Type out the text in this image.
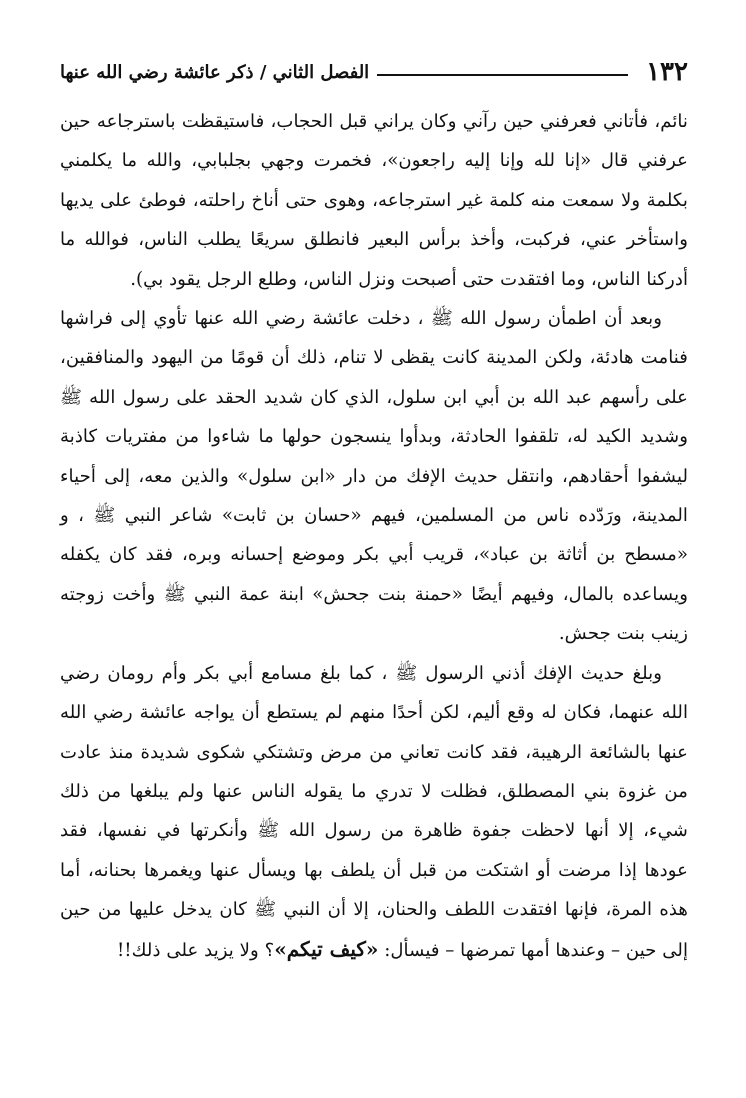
١٣٢
الفصل الثاني / ذكر عائشة رضي الله عنها

نائم، فأتاني فعرفني حين رآني وكان يراني قبل الحجاب، فاستيقظت باسترجاعه حين عرفني قال «إنا لله وإنا إليه راجعون»، فخمرت وجهي بجلبابي، والله ما يكلمني بكلمة ولا سمعت منه كلمة غير استرجاعه، وهوى حتى أناخ راحلته، فوطئ على يديها واستأخر عني، فركبت، وأخذ برأس البعير فانطلق سريعًا يطلب الناس، فوالله ما أدركنا الناس، وما افتقدت حتى أصبحت ونزل الناس، وطلع الرجل يقود بي).

وبعد أن اطمأن رسول الله ﷺ ، دخلت عائشة رضي الله عنها تأوي إلى فراشها فنامت هادئة، ولكن المدينة كانت يقظى لا تنام، ذلك أن قومًا من اليهود والمنافقين، على رأسهم عبد الله بن أبي ابن سلول، الذي كان شديد الحقد على رسول الله ﷺ وشديد الكيد له، تلقفوا الحادثة، وبدأوا ينسجون حولها ما شاءوا من مفتريات كاذبة ليشفوا أحقادهم، وانتقل حديث الإفك من دار «ابن سلول» والذين معه، إلى أحياء المدينة، ورَدّده ناس من المسلمين، فيهم «حسان بن ثابت» شاعر النبي ﷺ ، و «مسطح بن أثاثة بن عباد»، قريب أبي بكر وموضع إحسانه وبره، فقد كان يكفله ويساعده بالمال، وفيهم أيضًا «حمنة بنت جحش» ابنة عمة النبي ﷺ وأخت زوجته زينب بنت جحش.

وبلغ حديث الإفك أذني الرسول ﷺ ، كما بلغ مسامع أبي بكر وأم رومان رضي الله عنهما، فكان له وقع أليم، لكن أحدًا منهم لم يستطع أن يواجه عائشة رضي الله عنها بالشائعة الرهيبة، فقد كانت تعاني من مرض وتشتكي شكوى شديدة منذ عادت من غزوة بني المصطلق، فظلت لا تدري ما يقوله الناس عنها ولم يبلغها من ذلك شيء، إلا أنها لاحظت جفوة ظاهرة من رسول الله ﷺ وأنكرتها في نفسها، فقد عودها إذا مرضت أو اشتكت من قبل أن يلطف بها ويسأل عنها ويغمرها بحنانه، أما هذه المرة، فإنها افتقدت اللطف والحنان، إلا أن النبي ﷺ كان يدخل عليها من حين إلى حين – وعندها أمها تمرضها – فيسأل: «كيف تيكم»؟ ولا يزيد على ذلك!!
